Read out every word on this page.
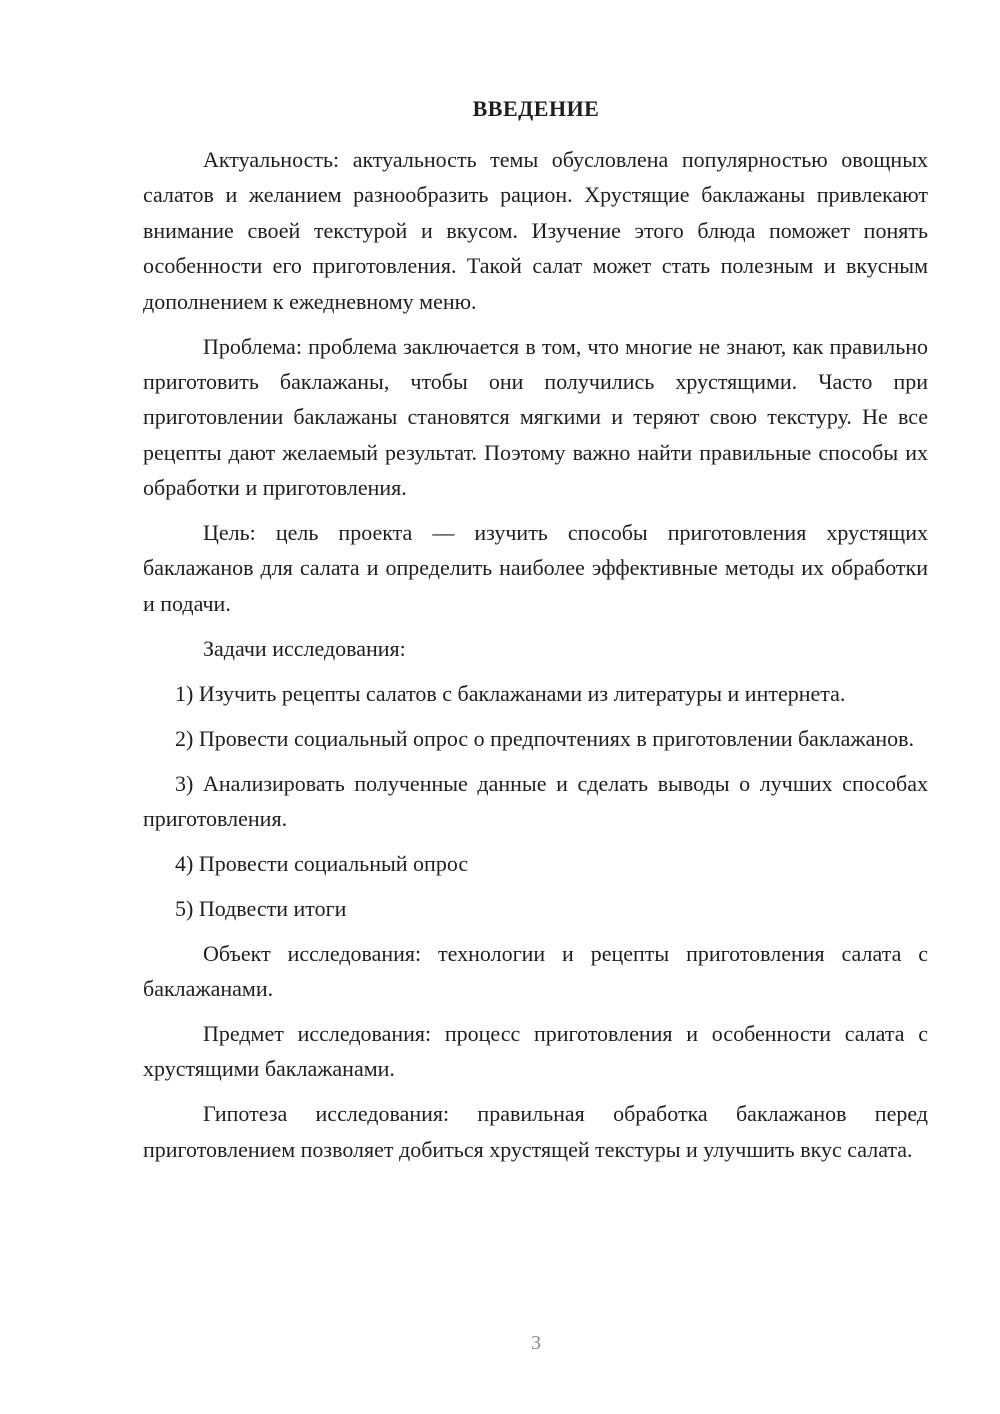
ВВЕДЕНИЕ

Актуальность: актуальность темы обусловлена популярностью овощных салатов и желанием разнообразить рацион. Хрустящие баклажаны привлекают внимание своей текстурой и вкусом. Изучение этого блюда поможет понять особенности его приготовления. Такой салат может стать полезным и вкусным дополнением к ежедневному меню.

Проблема: проблема заключается в том, что многие не знают, как правильно приготовить баклажаны, чтобы они получились хрустящими. Часто при приготовлении баклажаны становятся мягкими и теряют свою текстуру. Не все рецепты дают желаемый результат. Поэтому важно найти правильные способы их обработки и приготовления.

Цель: цель проекта — изучить способы приготовления хрустящих баклажанов для салата и определить наиболее эффективные методы их обработки и подачи.

Задачи исследования:

1) Изучить рецепты салатов с баклажанами из литературы и интернета.

2) Провести социальный опрос о предпочтениях в приготовлении баклажанов.

3) Анализировать полученные данные и сделать выводы о лучших способах приготовления.

4) Провести социальный опрос

5) Подвести итоги

Объект исследования: технологии и рецепты приготовления салата с баклажанами.

Предмет исследования: процесс приготовления и особенности салата с хрустящими баклажанами.

Гипотеза исследования: правильная обработка баклажанов перед приготовлением позволяет добиться хрустящей текстуры и улучшить вкус салата.

3
